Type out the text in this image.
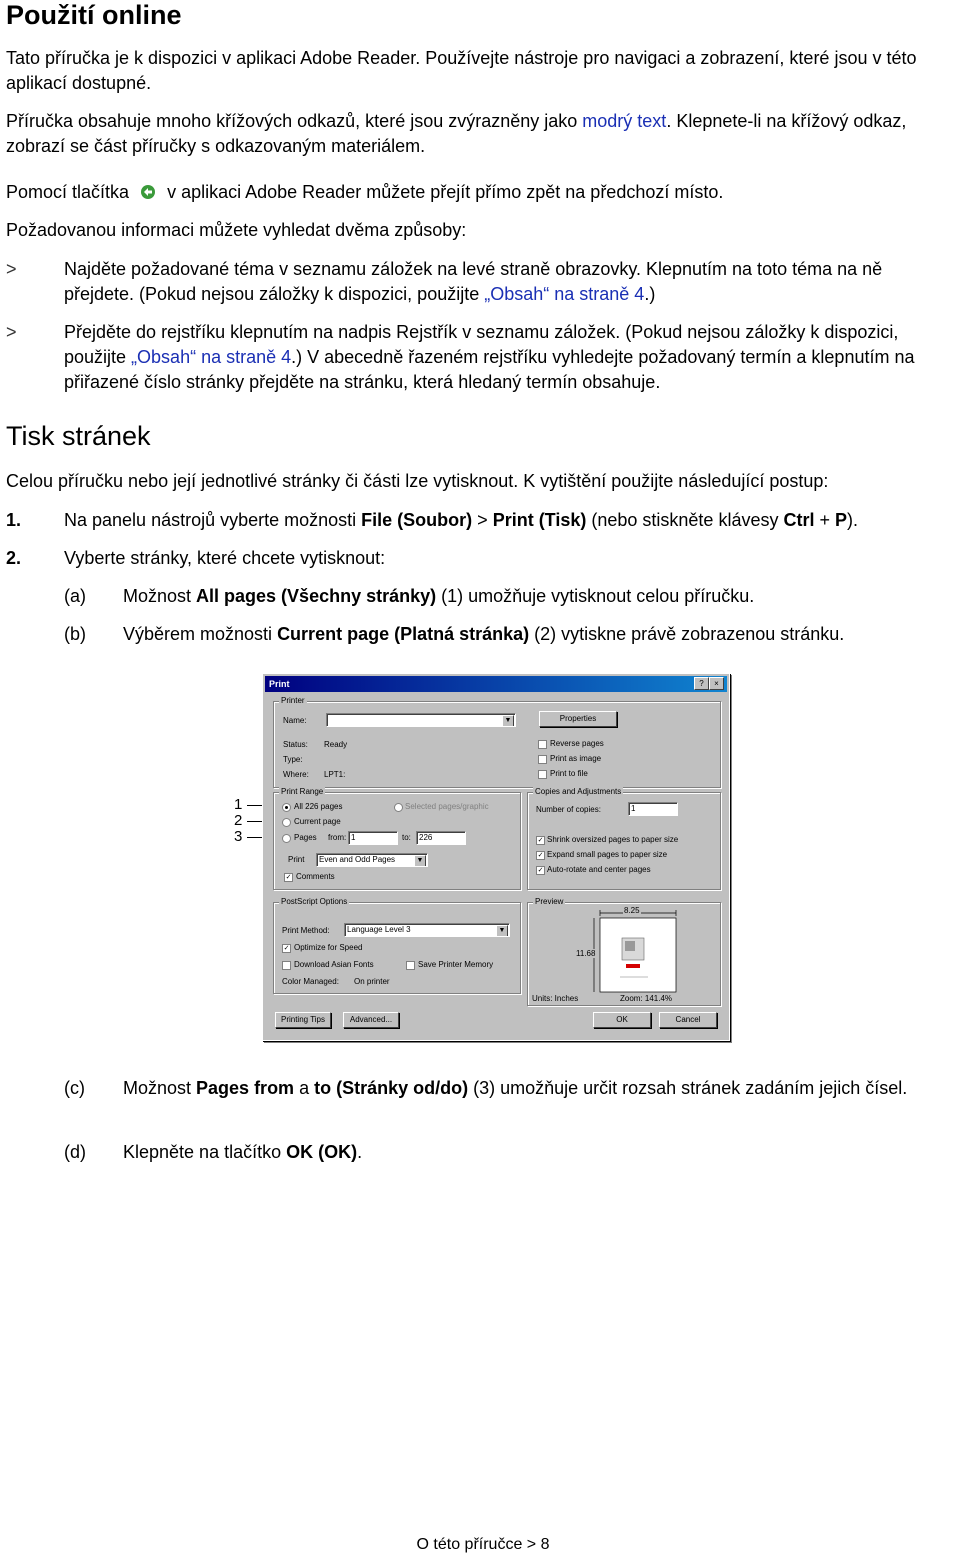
Použití online

Tato příručka je k dispozici v aplikaci Adobe Reader. Používejte nástroje pro navigaci a zobrazení, které jsou v této aplikací dostupné.

Příručka obsahuje mnoho křížových odkazů, které jsou zvýrazněny jako modrý text. Klepnete-li na křížový odkaz, zobrazí se část příručky s odkazovaným materiálem.

Pomocí tlačítka v aplikaci Adobe Reader můžete přejít přímo zpět na předchozí místo.

Požadovanou informaci můžete vyhledat dvěma způsoby:

>	Najděte požadované téma v seznamu záložek na levé straně obrazovky. Klepnutím na toto téma na ně přejdete. (Pokud nejsou záložky k dispozici, použijte „Obsah“ na straně 4.)
>	Přejděte do rejstříku klepnutím na nadpis Rejstřík v seznamu záložek. (Pokud nejsou záložky k dispozici, použijte „Obsah“ na straně 4.) V abecedně řazeném rejstříku vyhledejte požadovaný termín a klepnutím na přiřazené číslo stránky přejděte na stránku, která hledaný termín obsahuje.
Tisk stránek

Celou příručku nebo její jednotlivé stránky či části lze vytisknout. K vytištění použijte následující postup:

1. Na panelu nástrojů vyberte možnosti File (Soubor) > Print (Tisk) (nebo stiskněte klávesy Ctrl + P).
2. Vyberte stránky, které chcete vytisknout:
(a) Možnost All pages (Všechny stránky) (1) umožňuje vytisknout celou příručku.
(b) Výběrem možnosti Current page (Platná stránka) (2) vytiskne právě zobrazenou stránku.
1
2
3
Print	?	×
Printer
Name:	▼	Properties
Status: Ready
Type:
Where: LPT1:
Reverse pages
Print as image
Print to file
Print Range
All 226 pages	Selected pages/graphic
Current page
Pages from: 1	to:	226
Print	Even and Odd Pages	▼
✓ Comments
Copies and Adjustments
Number of copies:	1
✓ Shrink oversized pages to paper size
✓ Expand small pages to paper size
✓ Auto-rotate and center pages
PostScript Options
Print Method:	Language Level 3	▼
✓ Optimize for Speed
Download Asian Fonts	Save Printer Memory
Color Managed: On printer
Preview
8.25
11.68
Units: Inches	Zoom: 141.4%
Printing Tips	Advanced...	OK	Cancel
(c) Možnost Pages from a to (Stránky od/do) (3) umožňuje určit rozsah stránek zadáním jejich čísel.
(d) Klepněte na tlačítko OK (OK).
O této příručce > 8
